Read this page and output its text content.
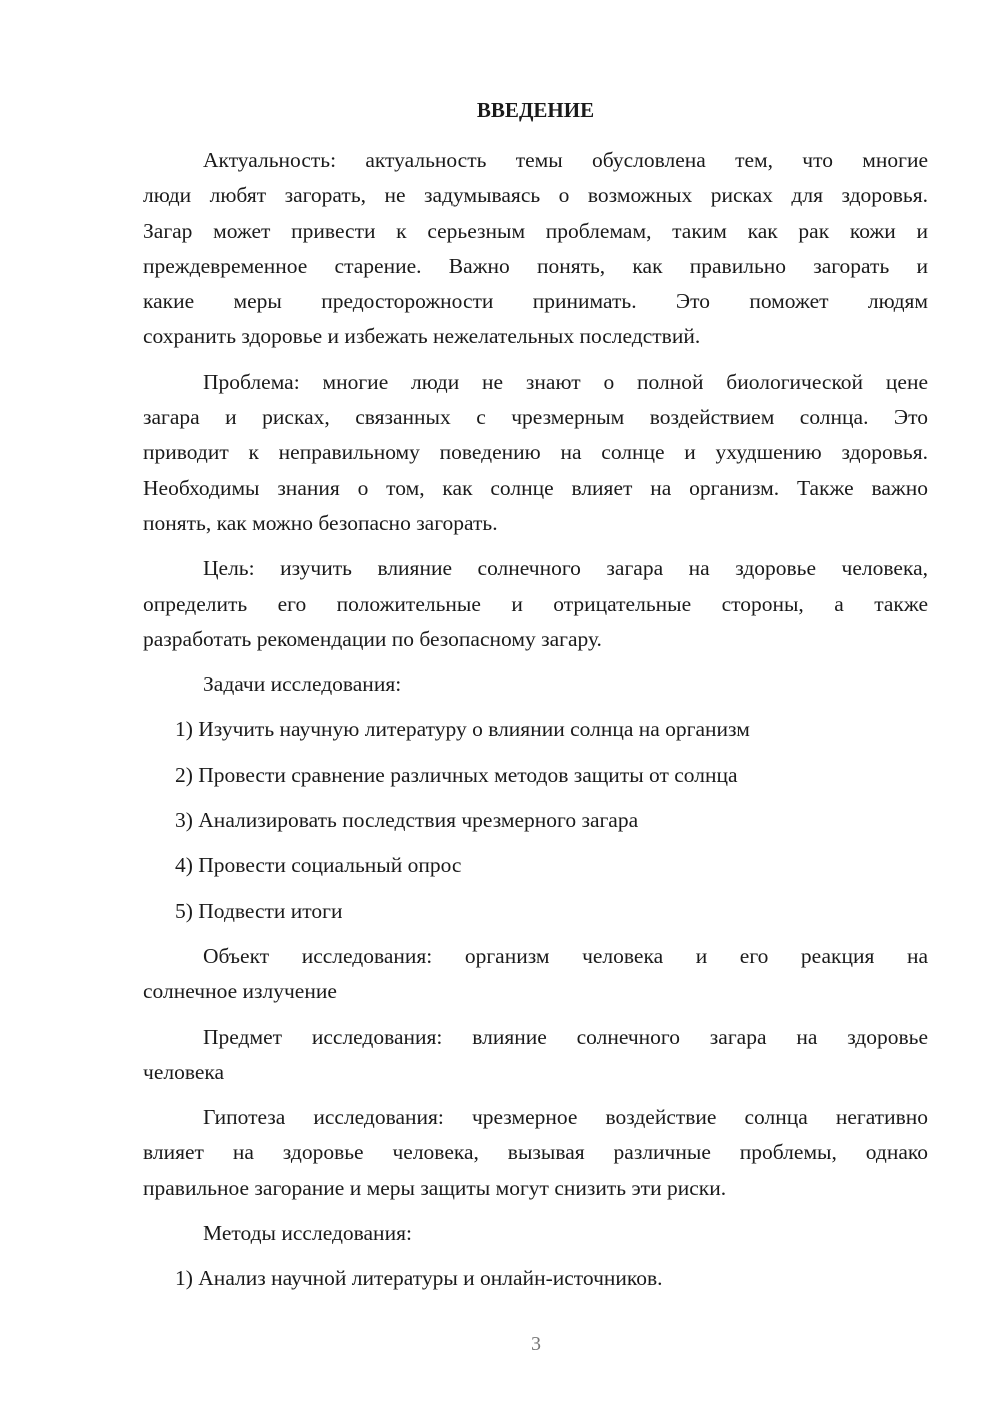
ВВЕДЕНИЕ
Актуальность: актуальность темы обусловлена тем, что многие
люди любят загорать, не задумываясь о возможных рисках для здоровья.
Загар может привести к серьезным проблемам, таким как рак кожи и
преждевременное старение. Важно понять, как правильно загорать и
какие меры предосторожности принимать. Это поможет людям
сохранить здоровье и избежать нежелательных последствий.
Проблема: многие люди не знают о полной биологической цене
загара и рисках, связанных с чрезмерным воздействием солнца. Это
приводит к неправильному поведению на солнце и ухудшению здоровья.
Необходимы знания о том, как солнце влияет на организм. Также важно
понять, как можно безопасно загорать.
Цель: изучить влияние солнечного загара на здоровье человека,
определить его положительные и отрицательные стороны, а также
разработать рекомендации по безопасному загару.
Задачи исследования:
1) Изучить научную литературу о влиянии солнца на организм
2) Провести сравнение различных методов защиты от солнца
3) Анализировать последствия чрезмерного загара
4) Провести социальный опрос
5) Подвести итоги
Объект исследования: организм человека и его реакция на
солнечное излучение
Предмет исследования: влияние солнечного загара на здоровье
человека
Гипотеза исследования: чрезмерное воздействие солнца негативно
влияет на здоровье человека, вызывая различные проблемы, однако
правильное загорание и меры защиты могут снизить эти риски.
Методы исследования:
1) Анализ научной литературы и онлайн-источников.
3
